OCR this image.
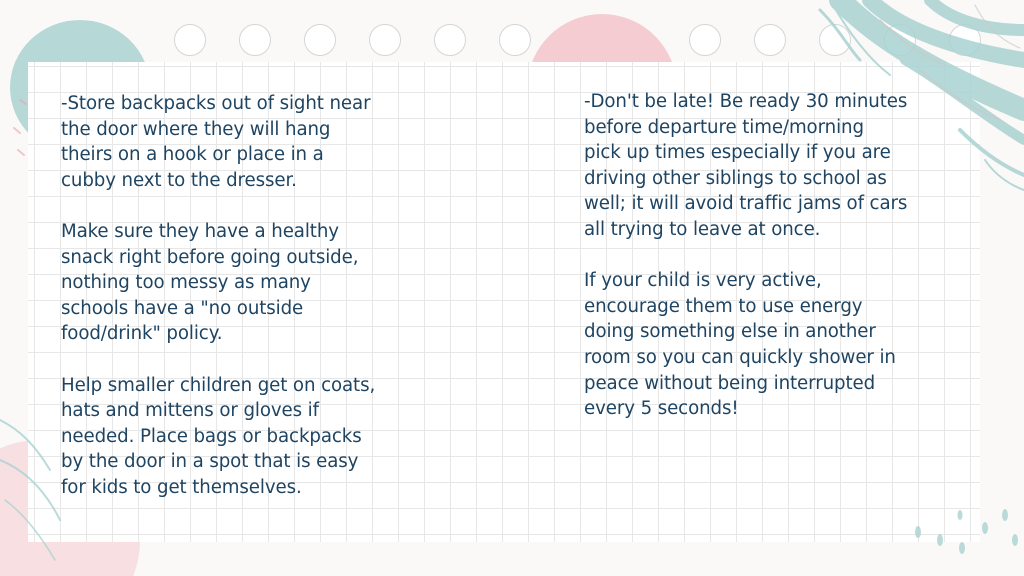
-Store backpacks out of sight near
the door where they will hang
theirs on a hook or place in a
cubby next to the dresser.

Make sure they have a healthy
snack right before going outside,
nothing too messy as many
schools have a "no outside
food/drink" policy.

Help smaller children get on coats,
hats and mittens or gloves if
needed. Place bags or backpacks
by the door in a spot that is easy
for kids to get themselves.

-Don't be late! Be ready 30 minutes
before departure time/morning
pick up times especially if you are
driving other siblings to school as
well; it will avoid traffic jams of cars
all trying to leave at once.

If your child is very active,
encourage them to use energy
doing something else in another
room so you can quickly shower in
peace without being interrupted
every 5 seconds!
